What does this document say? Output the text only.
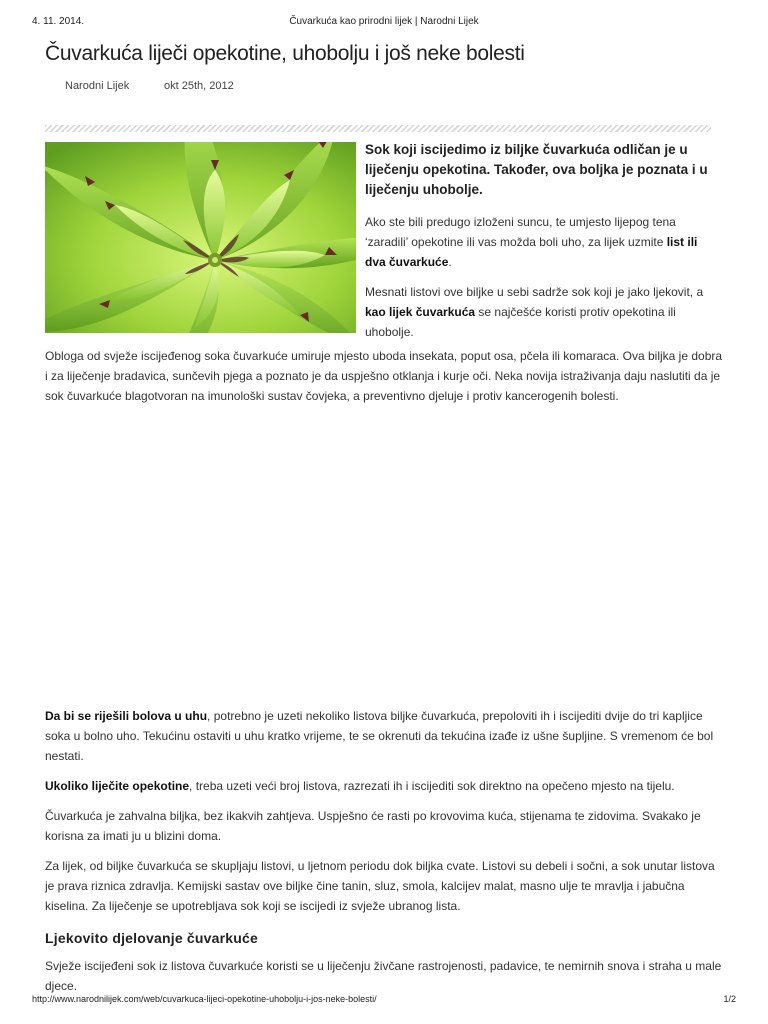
4. 11. 2014.	Čuvarkuća kao prirodni lijek | Narodni Lijek
Čuvarkuća liječi opekotine, uhobolju i još neke bolesti
Narodni Lijek	okt 25th, 2012

Sok koji iscijedimo iz biljke čuvarkuća odličan je u liječenju opekotina. Također, ova boljka je poznata i u liječenju uhobolje.

Ako ste bili predugo izloženi suncu, te umjesto lijepog tena ‘zaradili’ opekotine ili vas možda boli uho, za lijek uzmite list ili dva čuvarkuće.

Mesnati listovi ove biljke u sebi sadrže sok koji je jako ljekovit, a kao lijek čuvarkuća se najčešće koristi protiv opekotina ili uhobolje.

Obloga od svježe iscijeđenog soka čuvarkuće umiruje mjesto uboda insekata, poput osa, pčela ili komaraca. Ova biljka je dobra i za liječenje bradavica, sunčevih pjega a poznato je da uspješno otklanja i kurje oči. Neka novija istraživanja daju naslutiti da je sok čuvarkuće blagotvoran na imunološki sustav čovjeka, a preventivno djeluje i protiv kancerogenih bolesti.

Da bi se riješili bolova u uhu, potrebno je uzeti nekoliko listova biljke čuvarkuća, prepoloviti ih i iscijediti dvije do tri kapljice soka u bolno uho. Tekućinu ostaviti u uhu kratko vrijeme, te se okrenuti da tekućina izađe iz ušne šupljine. S vremenom će bol nestati.

Ukoliko liječite opekotine, treba uzeti veći broj listova, razrezati ih i iscijediti sok direktno na opečeno mjesto na tijelu.

Čuvarkuća je zahvalna biljka, bez ikakvih zahtjeva. Uspješno će rasti po krovovima kuća, stijenama te zidovima. Svakako je korisna za imati ju u blizini doma.

Za lijek, od biljke čuvarkuća se skupljaju listovi, u ljetnom periodu dok biljka cvate. Listovi su debeli i sočni, a sok unutar listova je prava riznica zdravlja. Kemijski sastav ove biljke čine tanin, sluz, smola, kalcijev malat, masno ulje te mravlja i jabučna kiselina. Za liječenje se upotrebljava sok koji se iscijedi iz svježe ubranog lista.

Ljekovito djelovanje čuvarkuće

Svježe iscijeđeni sok iz listova čuvarkuće koristi se u liječenju živčane rastrojenosti, padavice, te nemirnih snova i straha u male djece.

http://www.narodnilijek.com/web/cuvarkuca-lijeci-opekotine-uhobolju-i-jos-neke-bolesti/	1/2
